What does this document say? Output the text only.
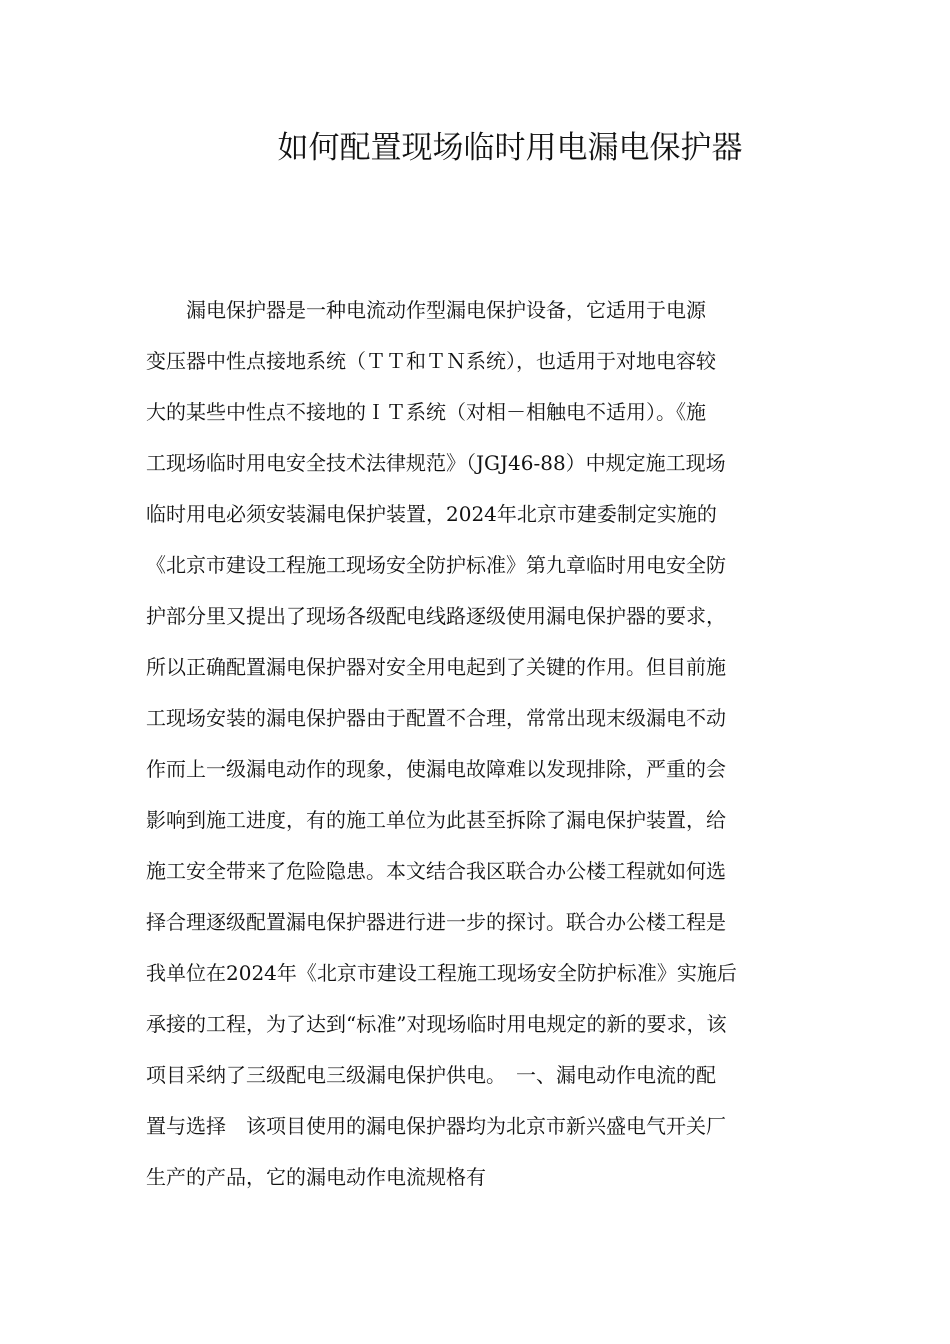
如何配置现场临时用电漏电保护器
　　漏电保护器是一种电流动作型漏电保护设备，它适用于电源
变压器中性点接地系统（ＴＴ和ＴＮ系统），也适用于对地电容较
大的某些中性点不接地的ＩＴ系统（对相－相触电不适用）。《施
工现场临时用电安全技术法律规范》（JGJ46-88）中规定施工现场
临时用电必须安装漏电保护装置，2024年北京市建委制定实施的
《北京市建设工程施工现场安全防护标准》第九章临时用电安全防
护部分里又提出了现场各级配电线路逐级使用漏电保护器的要求，
所以正确配置漏电保护器对安全用电起到了关键的作用。但目前施
工现场安装的漏电保护器由于配置不合理，常常出现末级漏电不动
作而上一级漏电动作的现象，使漏电故障难以发现排除，严重的会
影响到施工进度，有的施工单位为此甚至拆除了漏电保护装置，给
施工安全带来了危险隐患。本文结合我区联合办公楼工程就如何选
择合理逐级配置漏电保护器进行进一步的探讨。联合办公楼工程是
我单位在2024年《北京市建设工程施工现场安全防护标准》实施后
承接的工程，为了达到“标准”对现场临时用电规定的新的要求，该
项目采纳了三级配电三级漏电保护供电。　一、漏电动作电流的配
置与选择　该项目使用的漏电保护器均为北京市新兴盛电气开关厂
生产的产品，它的漏电动作电流规格有
